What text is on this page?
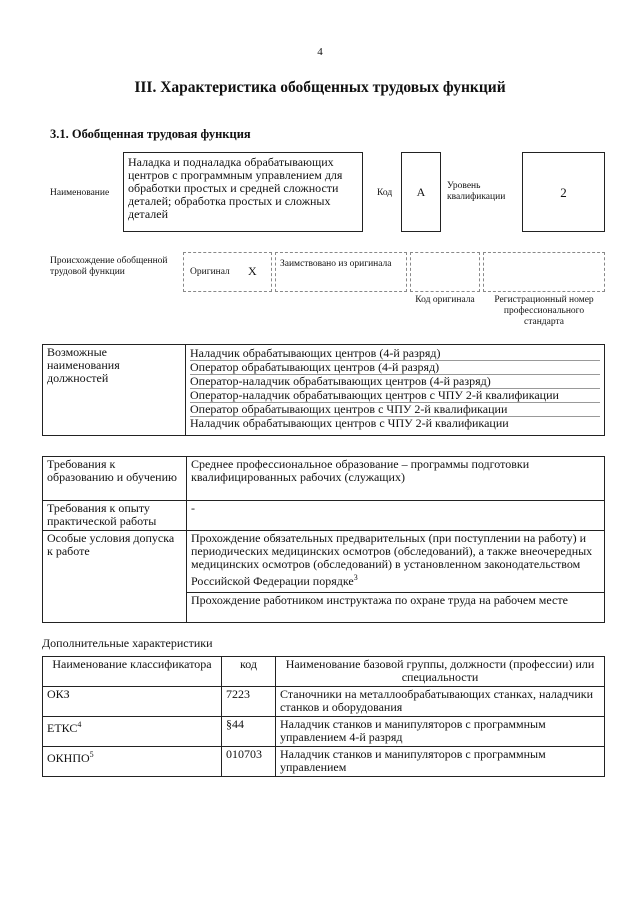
4
III. Характеристика обобщенных трудовых функций
3.1. Обобщенная трудовая функция
Наименование
Наладка и подналадка обрабатывающих центров с программным управлением для обработки простых и средней сложности деталей; обработка простых и сложных деталей
Код	А	Уровень квалификации	2
Происхождение обобщенной трудовой функции	Оригинал X	Заимствовано из оригинала
Код оригинала	Регистрационный номер профессионального стандарта
Возможные наименования должностей
Наладчик обрабатывающих центров (4-й разряд)
Оператор обрабатывающих центров (4-й разряд)
Оператор-наладчик обрабатывающих центров (4-й разряд)
Оператор-наладчик обрабатывающих центров с ЧПУ 2-й квалификации
Оператор обрабатывающих центров с ЧПУ 2-й квалификации
Наладчик обрабатывающих центров с ЧПУ 2-й квалификации
Требования к образованию и обучению	Среднее профессиональное образование – программы подготовки квалифицированных рабочих (служащих)
Требования к опыту практической работы	-
Особые условия допуска к работе	Прохождение обязательных предварительных (при поступлении на работу) и периодических медицинских осмотров (обследований), а также внеочередных медицинских осмотров (обследований) в установленном законодательством Российской Федерации порядке$^3$
	Прохождение работником инструктажа по охране труда на рабочем месте
Дополнительные характеристики
Наименование классификатора	код	Наименование базовой группы, должности (профессии) или специальности
ОКЗ	7223	Станочники на металлообрабатывающих станках, наладчики станков и оборудования
ЕТКС$^4$	§44	Наладчик станков и манипуляторов с программным управлением 4-й разряд
ОКНПО$^5$	010703	Наладчик станков и манипуляторов с программным управлением
